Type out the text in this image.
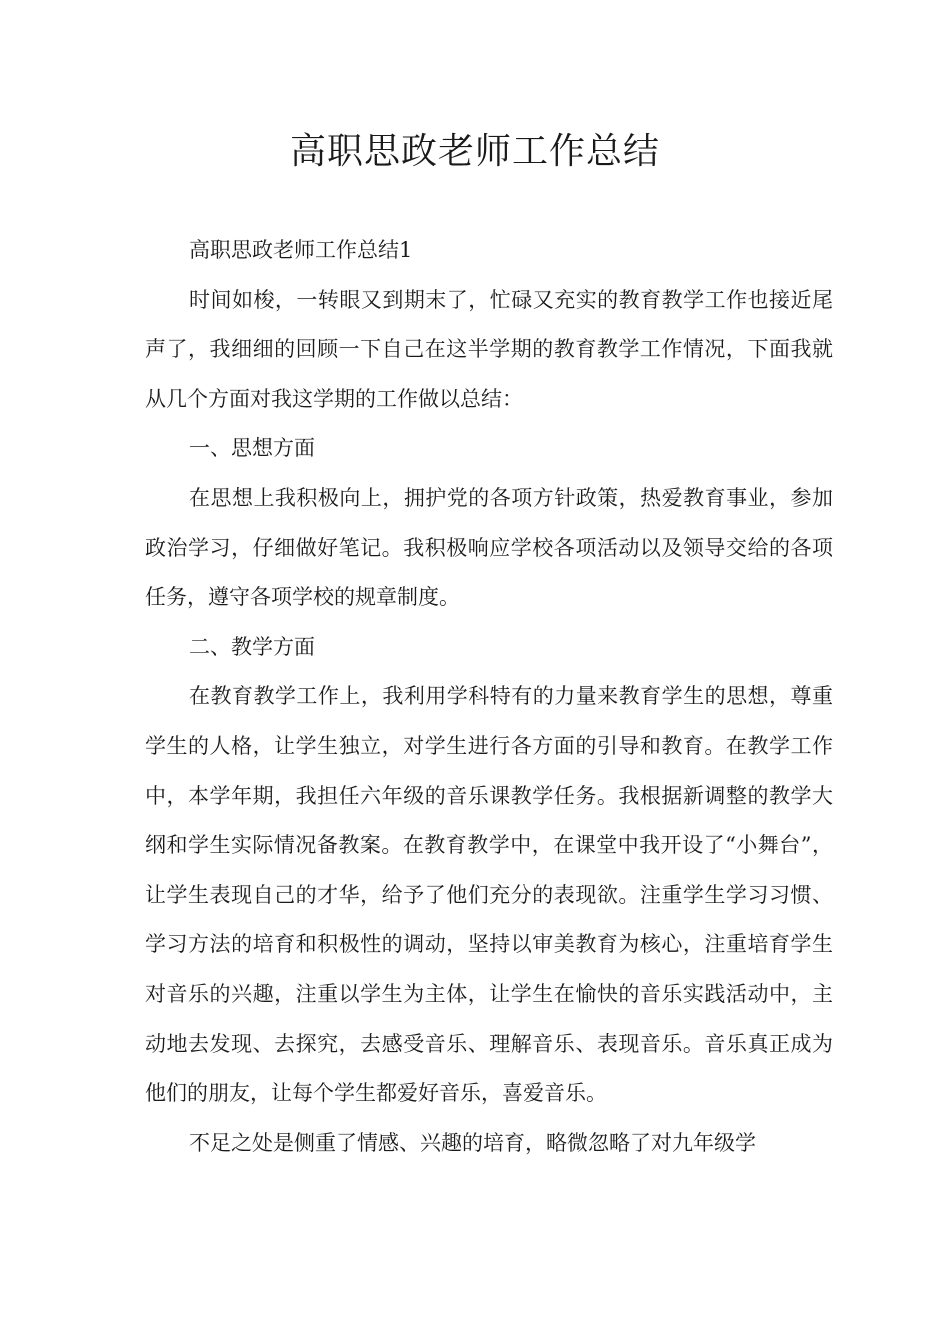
高职思政老师工作总结

高职思政老师工作总结1

时间如梭，一转眼又到期末了，忙碌又充实的教育教学工作也接近尾声了，我细细的回顾一下自己在这半学期的教育教学工作情况，下面我就从几个方面对我这学期的工作做以总结：

一、思想方面

在思想上我积极向上，拥护党的各项方针政策，热爱教育事业，参加政治学习，仔细做好笔记。我积极响应学校各项活动以及领导交给的各项任务，遵守各项学校的规章制度。

二、教学方面

在教育教学工作上，我利用学科特有的力量来教育学生的思想，尊重学生的人格，让学生独立，对学生进行各方面的引导和教育。在教学工作中，本学年期，我担任六年级的音乐课教学任务。我根据新调整的教学大纲和学生实际情况备教案。在教育教学中，在课堂中我开设了“小舞台”，让学生表现自己的才华，给予了他们充分的表现欲。注重学生学习习惯、学习方法的培育和积极性的调动，坚持以审美教育为核心，注重培育学生对音乐的兴趣，注重以学生为主体，让学生在愉快的音乐实践活动中，主动地去发现、去探究，去感受音乐、理解音乐、表现音乐。音乐真正成为他们的朋友，让每个学生都爱好音乐，喜爱音乐。

不足之处是侧重了情感、兴趣的培育，略微忽略了对九年级学
